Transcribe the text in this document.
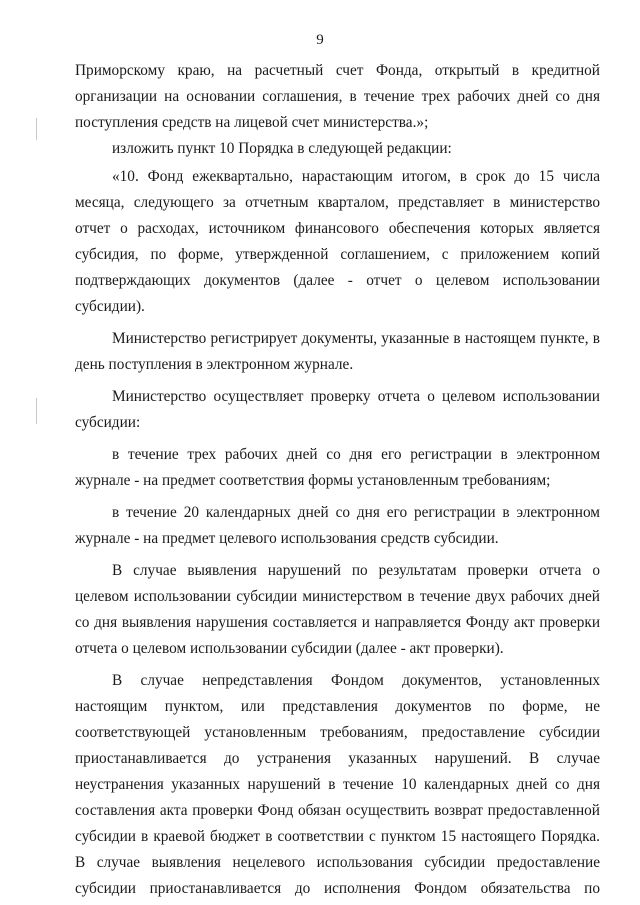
9

Приморскому краю, на расчетный счет Фонда, открытый в кредитной организации на основании соглашения, в течение трех рабочих дней со дня поступления средств на лицевой счет министерства.»;

изложить пункт 10 Порядка в следующей редакции:

«10. Фонд ежеквартально, нарастающим итогом, в срок до 15 числа месяца, следующего за отчетным кварталом, представляет в министерство отчет о расходах, источником финансового обеспечения которых является субсидия, по форме, утвержденной соглашением, с приложением копий подтверждающих документов (далее - отчет о целевом использовании субсидии).

Министерство регистрирует документы, указанные в настоящем пункте, в день поступления в электронном журнале.

Министерство осуществляет проверку отчета о целевом использовании субсидии:

в течение трех рабочих дней со дня его регистрации в электронном журнале - на предмет соответствия формы установленным требованиям;

в течение 20 календарных дней со дня его регистрации в электронном журнале - на предмет целевого использования средств субсидии.

В случае выявления нарушений по результатам проверки отчета о целевом использовании субсидии министерством в течение двух рабочих дней со дня выявления нарушения составляется и направляется Фонду акт проверки отчета о целевом использовании субсидии (далее - акт проверки).

В случае непредставления Фондом документов, установленных настоящим пунктом, или представления документов по форме, не соответствующей установленным требованиям, предоставление субсидии приостанавливается до устранения указанных нарушений. В случае неустранения указанных нарушений в течение 10 календарных дней со дня составления акта проверки Фонд обязан осуществить возврат предоставленной субсидии в краевой бюджет в соответствии с пунктом 15 настоящего Порядка. В случае выявления нецелевого использования субсидии предоставление субсидии приостанавливается до исполнения Фондом обязательства по
